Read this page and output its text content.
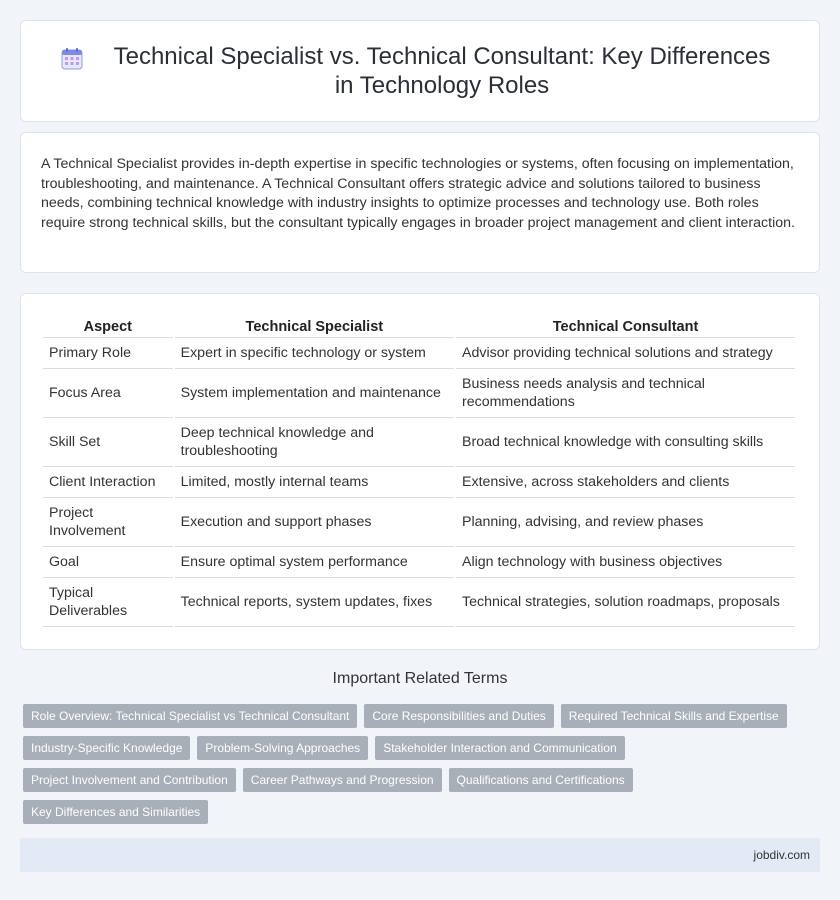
Technical Specialist vs. Technical Consultant: Key Differences in Technology Roles

A Technical Specialist provides in-depth expertise in specific technologies or systems, often focusing on implementation, troubleshooting, and maintenance. A Technical Consultant offers strategic advice and solutions tailored to business needs, combining technical knowledge with industry insights to optimize processes and technology use. Both roles require strong technical skills, but the consultant typically engages in broader project management and client interaction.

Aspect	Technical Specialist	Technical Consultant
Primary Role	Expert in specific technology or system	Advisor providing technical solutions and strategy
Focus Area	System implementation and maintenance	Business needs analysis and technical recommendations
Skill Set	Deep technical knowledge and troubleshooting	Broad technical knowledge with consulting skills
Client Interaction	Limited, mostly internal teams	Extensive, across stakeholders and clients
Project Involvement	Execution and support phases	Planning, advising, and review phases
Goal	Ensure optimal system performance	Align technology with business objectives
Typical Deliverables	Technical reports, system updates, fixes	Technical strategies, solution roadmaps, proposals
Important Related Terms
Role Overview: Technical Specialist vs Technical Consultant	Core Responsibilities and Duties	Required Technical Skills and Expertise
Industry-Specific Knowledge	Problem-Solving Approaches	Stakeholder Interaction and Communication
Project Involvement and Contribution	Career Pathways and Progression	Qualifications and Certifications
Key Differences and Similarities
jobdiv.com
